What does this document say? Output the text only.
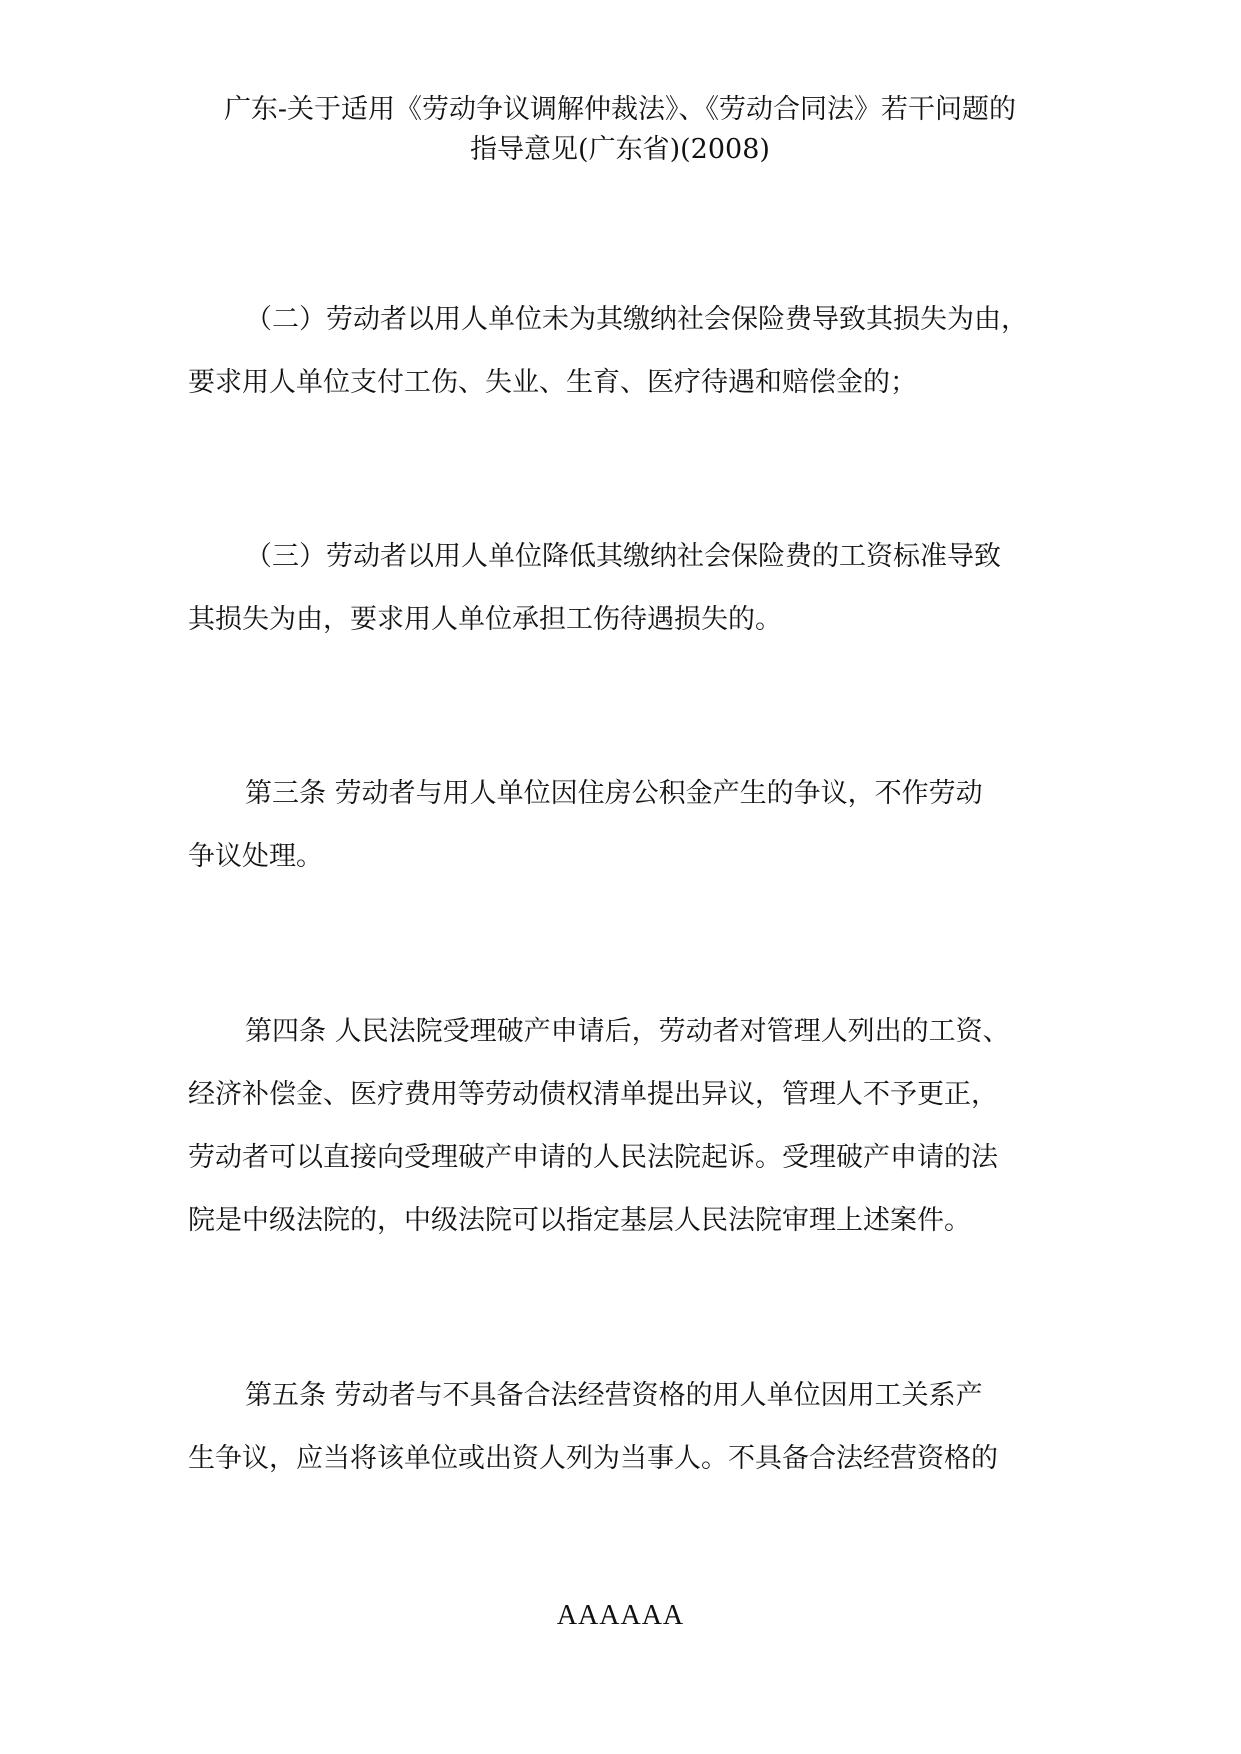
广东-关于适用《劳动争议调解仲裁法》、《劳动合同法》若干问题的
指导意见(广东省)(2008)

（二）劳动者以用人单位未为其缴纳社会保险费导致其损失为由，
要求用人单位支付工伤、失业、生育、医疗待遇和赔偿金的；

（三）劳动者以用人单位降低其缴纳社会保险费的工资标准导致
其损失为由，要求用人单位承担工伤待遇损失的。

第三条 劳动者与用人单位因住房公积金产生的争议，不作劳动
争议处理。

第四条 人民法院受理破产申请后，劳动者对管理人列出的工资、
经济补偿金、医疗费用等劳动债权清单提出异议，管理人不予更正，
劳动者可以直接向受理破产申请的人民法院起诉。受理破产申请的法
院是中级法院的，中级法院可以指定基层人民法院审理上述案件。

第五条 劳动者与不具备合法经营资格的用人单位因用工关系产
生争议，应当将该单位或出资人列为当事人。不具备合法经营资格的

AAAAAA
